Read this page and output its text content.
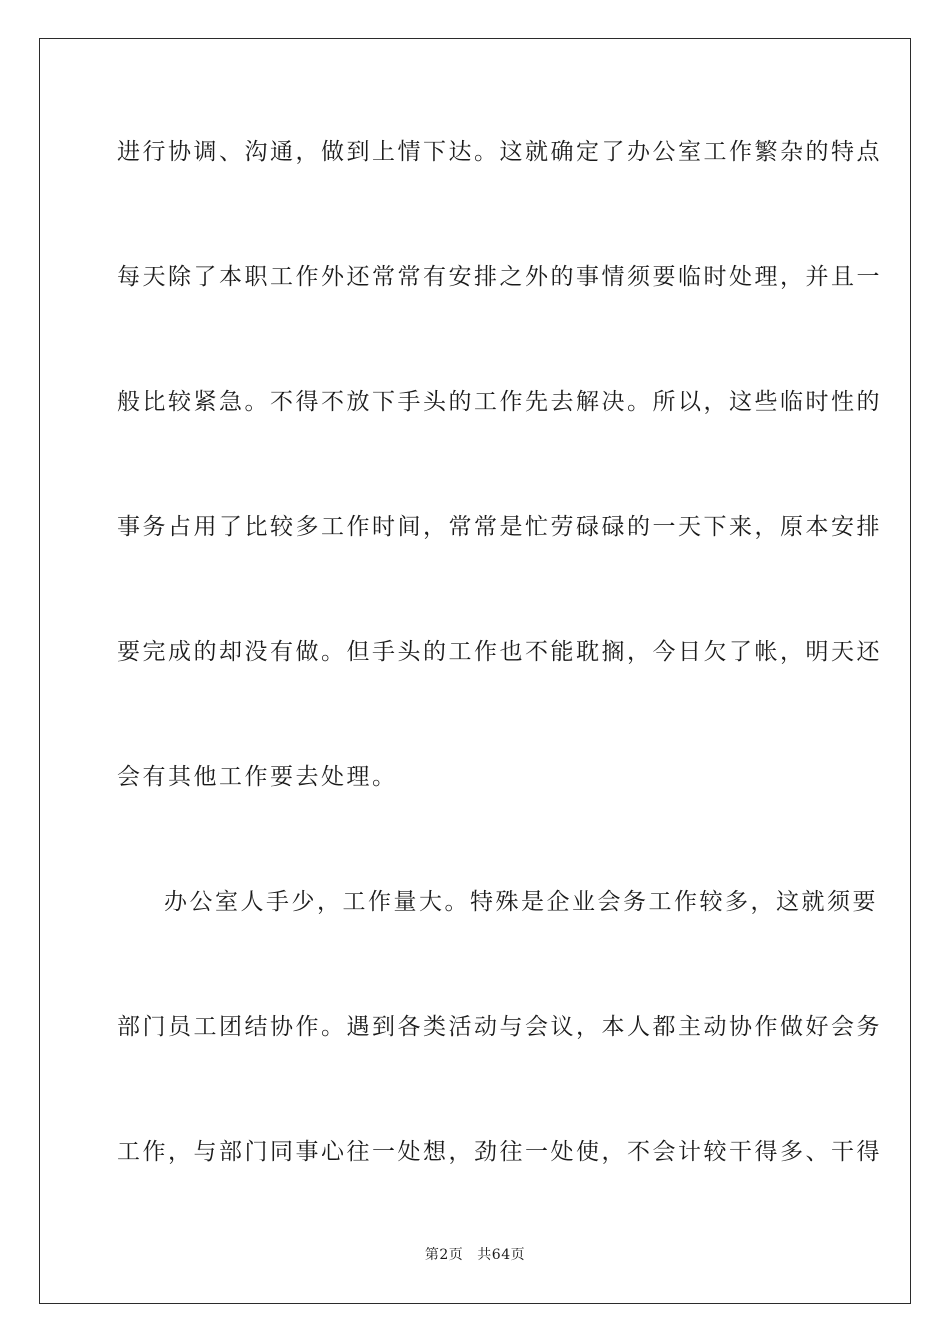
进行协调、沟通，做到上情下达。这就确定了办公室工作繁杂的特点
每天除了本职工作外还常常有安排之外的事情须要临时处理，并且一
般比较紧急。不得不放下手头的工作先去解决。所以，这些临时性的
事务占用了比较多工作时间，常常是忙劳碌碌的一天下来，原本安排
要完成的却没有做。但手头的工作也不能耽搁，今日欠了帐，明天还
会有其他工作要去处理。
办公室人手少，工作量大。特殊是企业会务工作较多，这就须要
部门员工团结协作。遇到各类活动与会议，本人都主动协作做好会务
工作，与部门同事心往一处想，劲往一处使，不会计较干得多、干得
第2页 共64页
